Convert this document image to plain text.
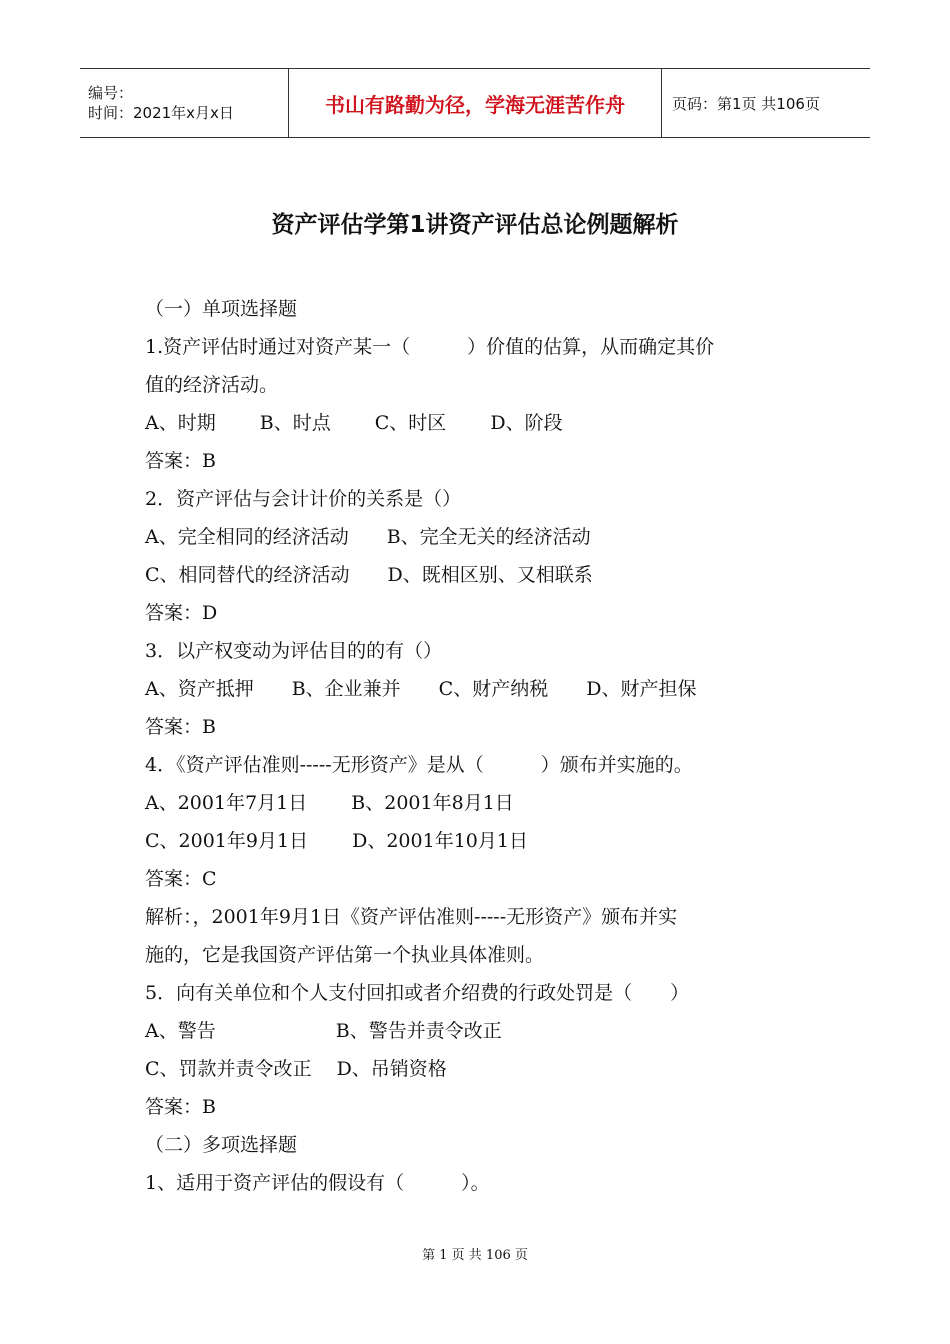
编号：
时间：2021年x月x日	书山有路勤为径，学海无涯苦作舟	页码：第1页 共106页
资产评估学第1讲资产评估总论例题解析
（一）单项选择题
1.资产评估时通过对资产某一（　　　）价值的估算，从而确定其价
值的经济活动。
A、时期　　 B、时点　　 C、时区　　 D、阶段
答案：B
2．资产评估与会计计价的关系是（）
A、完全相同的经济活动　　B、完全无关的经济活动
C、相同替代的经济活动　　D、既相区别、又相联系
答案：D
3．以产权变动为评估目的的有（）
A、资产抵押　　B、企业兼并　　C、财产纳税　　D、财产担保
答案：B
4．《资产评估准则-----无形资产》是从（　　　）颁布并实施的。
A、2001年7月1日　　 B、2001年8月1日
C、2001年9月1日　　 D、2001年10月1日
答案：C
解析：，2001年9月1日《资产评估准则-----无形资产》颁布并实
施的，它是我国资产评估第一个执业具体准则。
5．向有关单位和个人支付回扣或者介绍费的行政处罚是（　　）
A、警告　　　　　　 B、警告并责令改正
C、罚款并责令改正　 D、吊销资格
答案：B
（二）多项选择题
1、适用于资产评估的假设有（　　　）。
第 1 页 共 106 页
